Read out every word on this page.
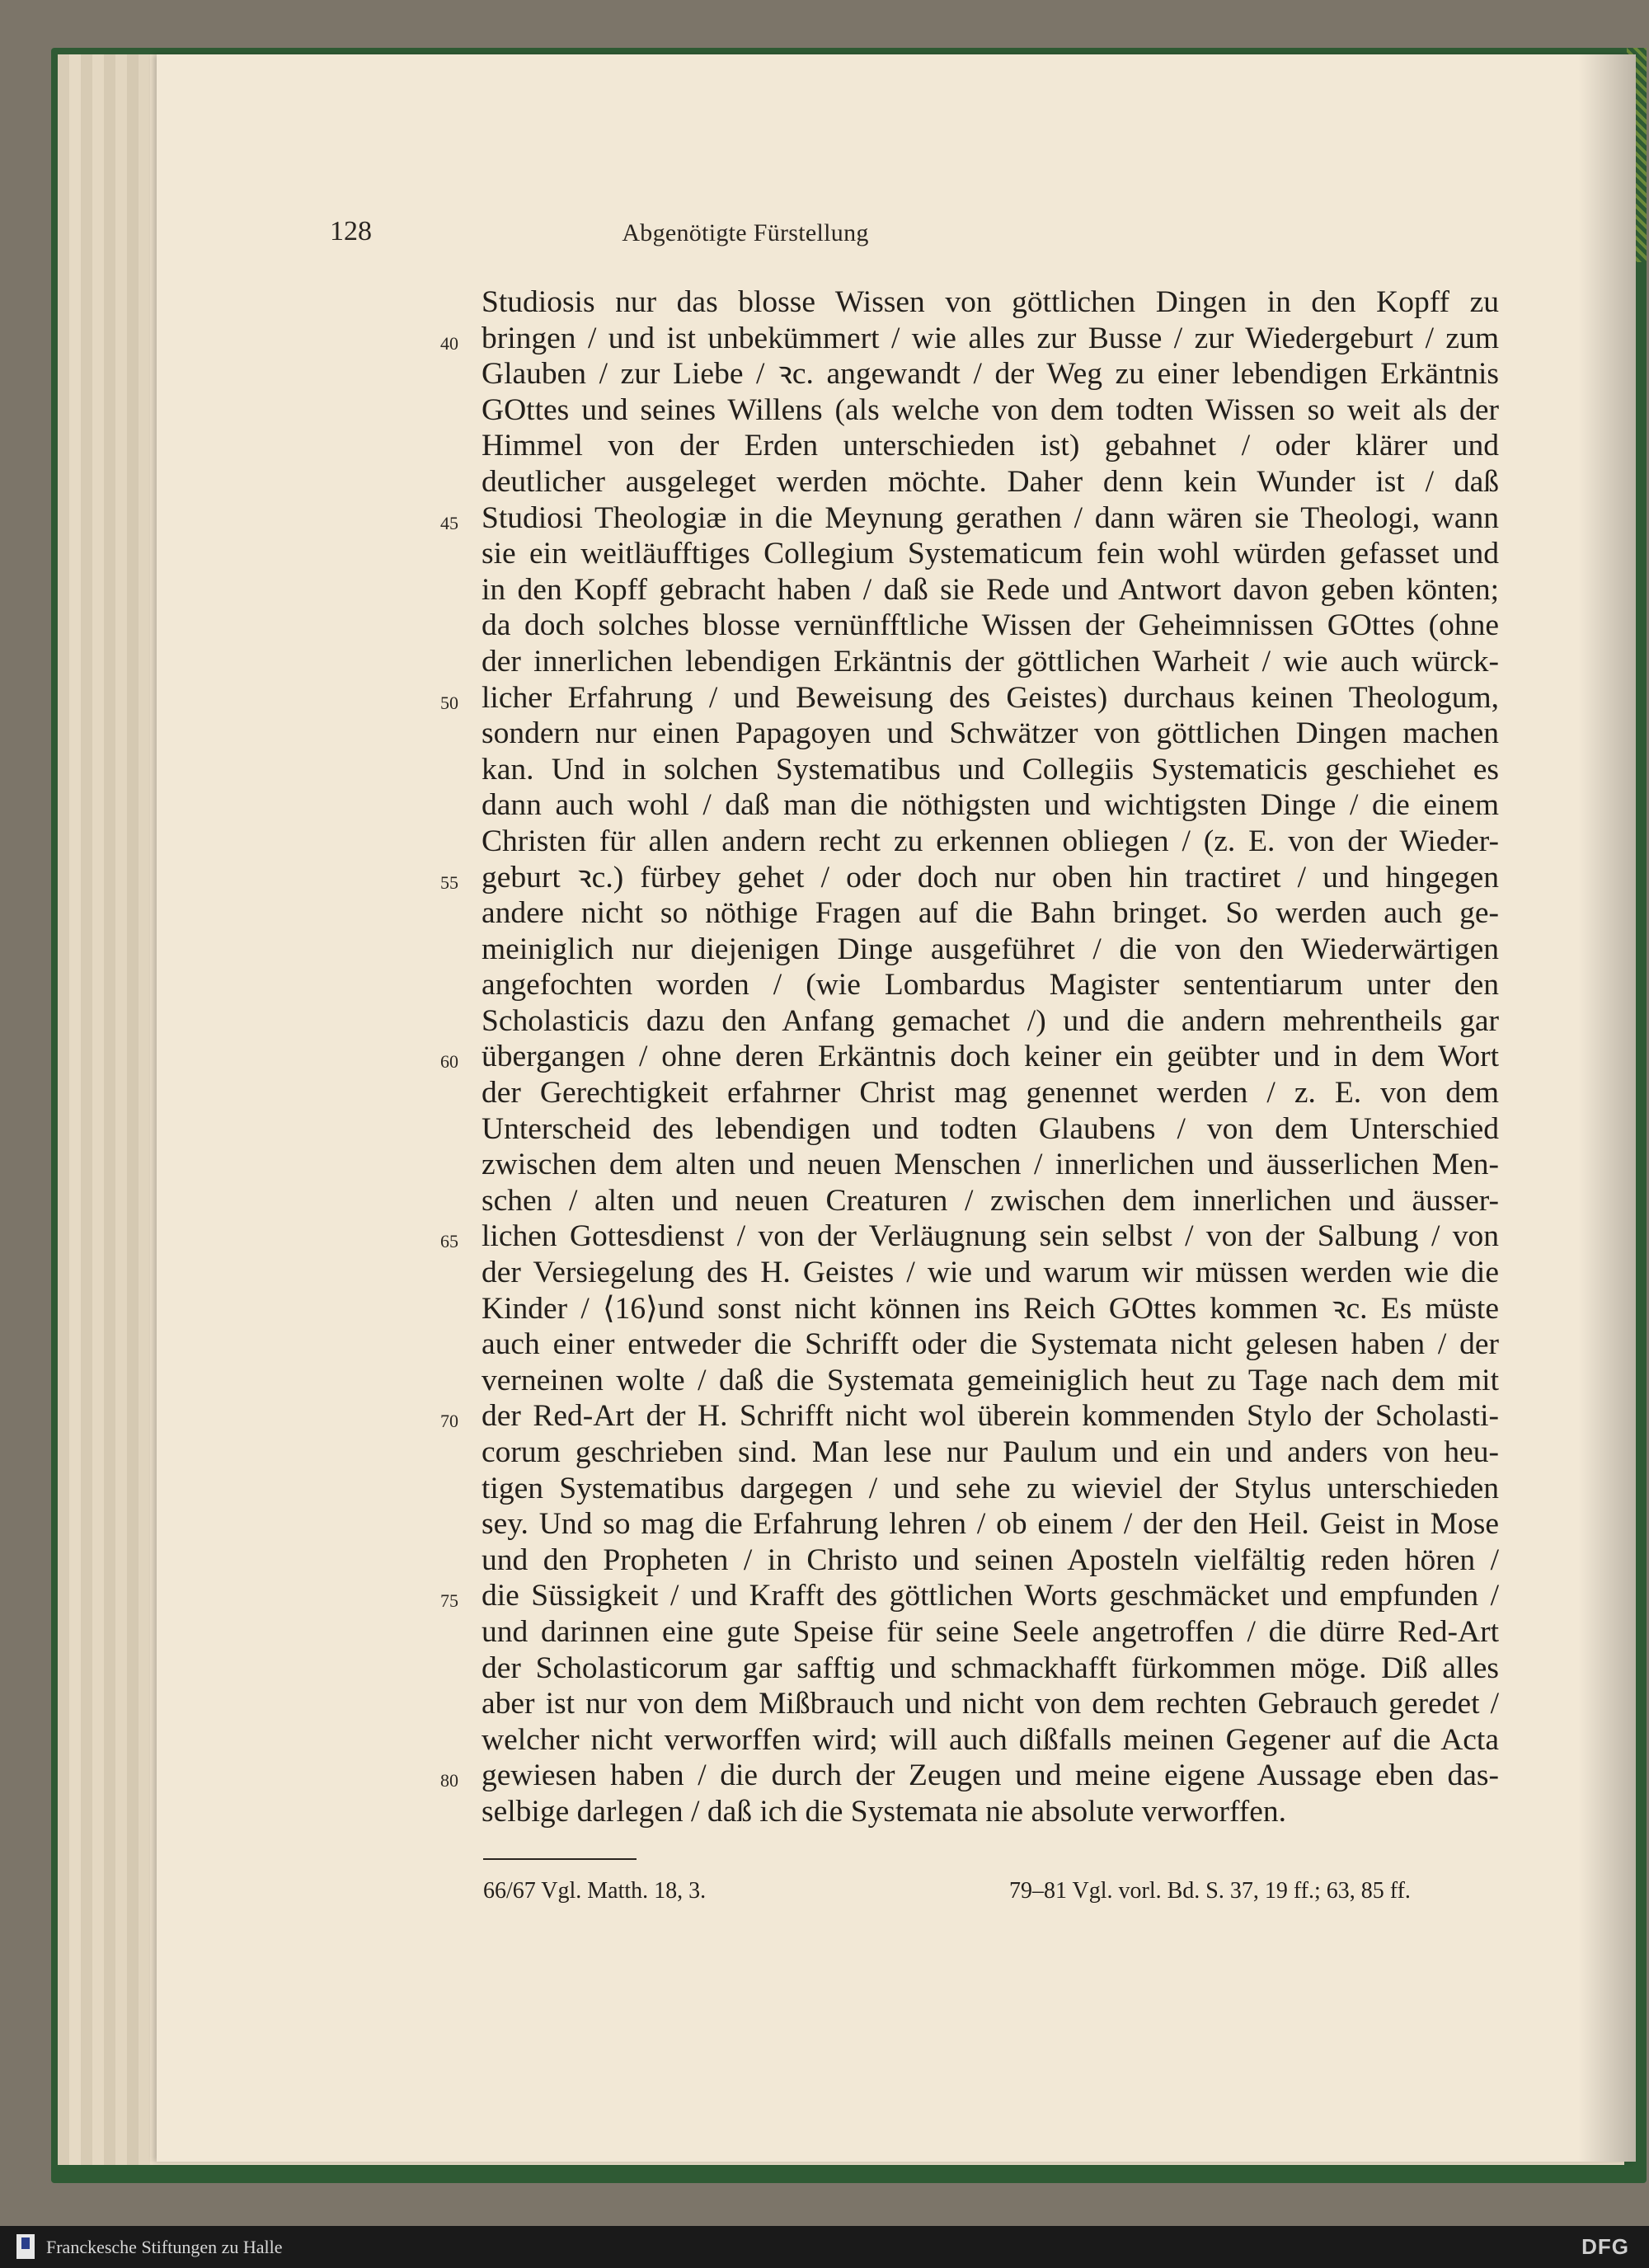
128	Abgenötigte Fürstellung
Studiosis nur das blosse Wissen von göttlichen Dingen in den Kopff zu
40 bringen / und ist unbekümmert / wie alles zur Busse / zur Wiedergeburt / zum
Glauben / zur Liebe / ꝛc. angewandt / der Weg zu einer lebendigen Erkäntnis
GOttes und seines Willens (als welche von dem todten Wissen so weit als der
Himmel von der Erden unterschieden ist) gebahnet / oder klärer und
deutlicher ausgeleget werden möchte. Daher denn kein Wunder ist / daß
45 Studiosi Theologiæ in die Meynung gerathen / dann wären sie Theologi, wann
sie ein weitläufftiges Collegium Systematicum fein wohl würden gefasset und
in den Kopff gebracht haben / daß sie Rede und Antwort davon geben könten;
da doch solches blosse vernünfftliche Wissen der Geheimnissen GOttes (ohne
der innerlichen lebendigen Erkäntnis der göttlichen Warheit / wie auch würck-
50 licher Erfahrung / und Beweisung des Geistes) durchaus keinen Theologum,
sondern nur einen Papagoyen und Schwätzer von göttlichen Dingen machen
kan. Und in solchen Systematibus und Collegiis Systematicis geschiehet es
dann auch wohl / daß man die nöthigsten und wichtigsten Dinge / die einem
Christen für allen andern recht zu erkennen obliegen / (z. E. von der Wieder-
55 geburt ꝛc.) fürbey gehet / oder doch nur oben hin tractiret / und hingegen
andere nicht so nöthige Fragen auf die Bahn bringet. So werden auch ge-
meiniglich nur diejenigen Dinge ausgeführet / die von den Wiederwärtigen
angefochten worden / (wie Lombardus Magister sententiarum unter den
Scholasticis dazu den Anfang gemachet /) und die andern mehrentheils gar
60 übergangen / ohne deren Erkäntnis doch keiner ein geübter und in dem Wort
der Gerechtigkeit erfahrner Christ mag genennet werden / z. E. von dem
Unterscheid des lebendigen und todten Glaubens / von dem Unterschied
zwischen dem alten und neuen Menschen / innerlichen und äusserlichen Men-
schen / alten und neuen Creaturen / zwischen dem innerlichen und äusser-
65 lichen Gottesdienst / von der Verläugnung sein selbst / von der Salbung / von
der Versiegelung des H. Geistes / wie und warum wir müssen werden wie die
Kinder / ⟨16⟩und sonst nicht können ins Reich GOttes kommen ꝛc. Es müste
auch einer entweder die Schrifft oder die Systemata nicht gelesen haben / der
verneinen wolte / daß die Systemata gemeiniglich heut zu Tage nach dem mit
70 der Red-Art der H. Schrifft nicht wol überein kommenden Stylo der Scholasti-
corum geschrieben sind. Man lese nur Paulum und ein und anders von heu-
tigen Systematibus dargegen / und sehe zu wieviel der Stylus unterschieden
sey. Und so mag die Erfahrung lehren / ob einem / der den Heil. Geist in Mose
und den Propheten / in Christo und seinen Aposteln vielfältig reden hören /
75 die Süssigkeit / und Krafft des göttlichen Worts geschmäcket und empfunden /
und darinnen eine gute Speise für seine Seele angetroffen / die dürre Red-Art
der Scholasticorum gar safftig und schmackhafft fürkommen möge. Diß alles
aber ist nur von dem Mißbrauch und nicht von dem rechten Gebrauch geredet /
welcher nicht verworffen wird; will auch dißfalls meinen Gegener auf die Acta
80 gewiesen haben / die durch der Zeugen und meine eigene Aussage eben das-
selbige darlegen / daß ich die Systemata nie absolute verworffen.
66/67 Vgl. Matth. 18, 3.	79–81 Vgl. vorl. Bd. S. 37, 19 ff.; 63, 85 ff.
Franckesche Stiftungen zu Halle	DFG
